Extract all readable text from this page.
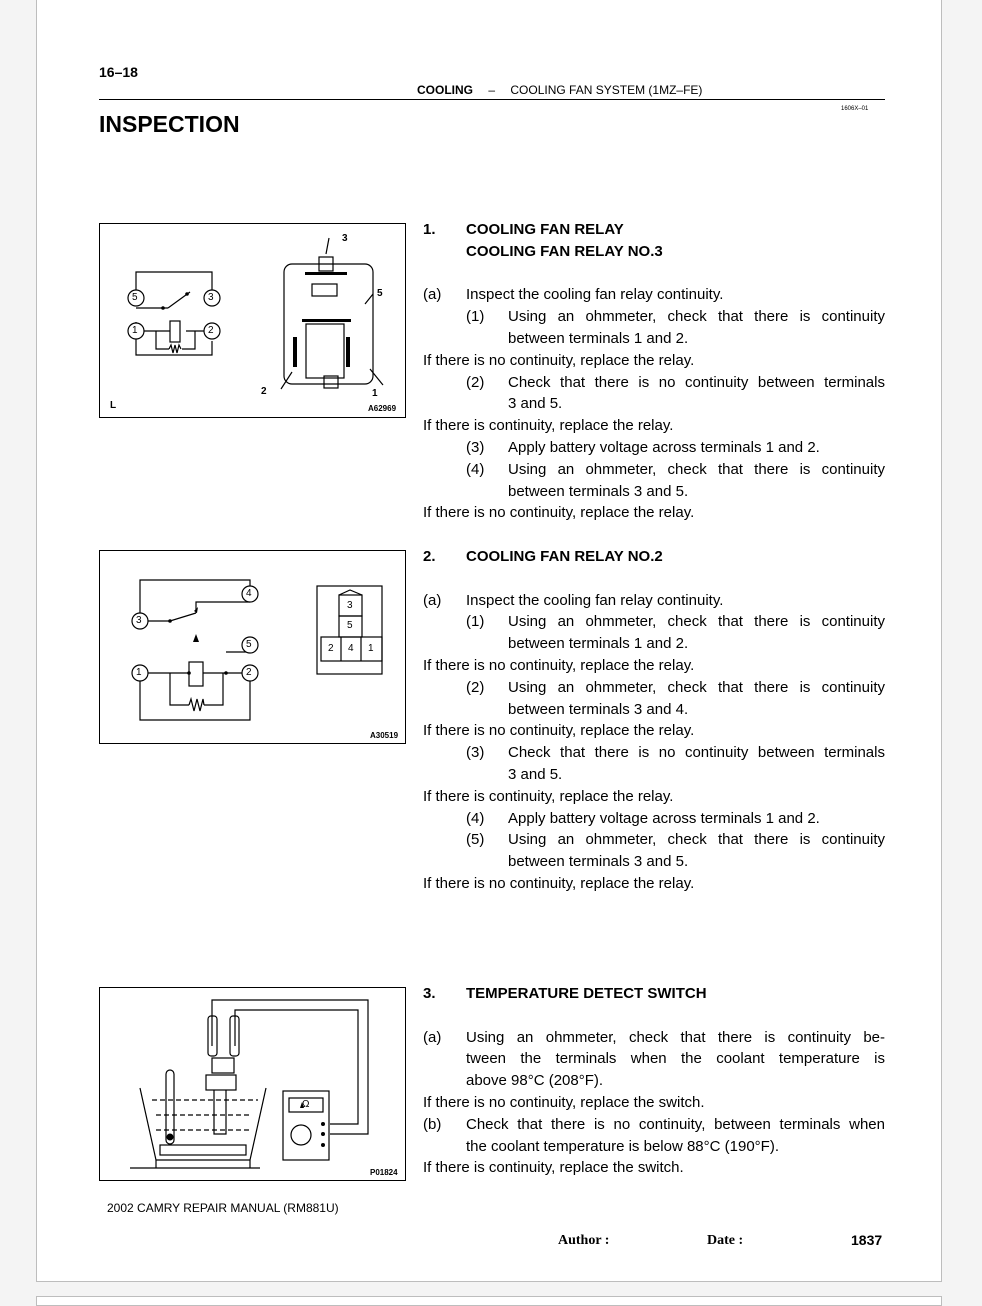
16–18
COOLING – COOLING FAN SYSTEM (1MZ–FE)
1606X–01
INSPECTION
5	3
1	2
3
5
2	1
L	A62969
4
3
5
1	2
3
5
2 4 1
A30519
Ω
P01824
1. COOLING FAN RELAY
COOLING FAN RELAY NO.3
(a) Inspect the cooling fan relay continuity.
(1) Using an ohmmeter, check that there is continuity
between terminals 1 and 2.
If there is no continuity, replace the relay.
(2) Check that there is no continuity between terminals
3 and 5.
If there is continuity, replace the relay.
(3) Apply battery voltage across terminals 1 and 2.
(4) Using an ohmmeter, check that there is continuity
between terminals 3 and 5.
If there is no continuity, replace the relay.
2. COOLING FAN RELAY NO.2
(a) Inspect the cooling fan relay continuity.
(1) Using an ohmmeter, check that there is continuity
between terminals 1 and 2.
If there is no continuity, replace the relay.
(2) Using an ohmmeter, check that there is continuity
between terminals 3 and 4.
If there is no continuity, replace the relay.
(3) Check that there is no continuity between terminals
3 and 5.
If there is continuity, replace the relay.
(4) Apply battery voltage across terminals 1 and 2.
(5) Using an ohmmeter, check that there is continuity
between terminals 3 and 5.
If there is no continuity, replace the relay.
3. TEMPERATURE DETECT SWITCH
(a) Using an ohmmeter, check that there is continuity be-
tween the terminals when the coolant temperature is
above 98°C (208°F).
If there is no continuity, replace the switch.
(b) Check that there is no continuity, between terminals when
the coolant temperature is below 88°C (190°F).
If there is continuity, replace the switch.
2002 CAMRY REPAIR MANUAL (RM881U)
Author :	Date :	1837
